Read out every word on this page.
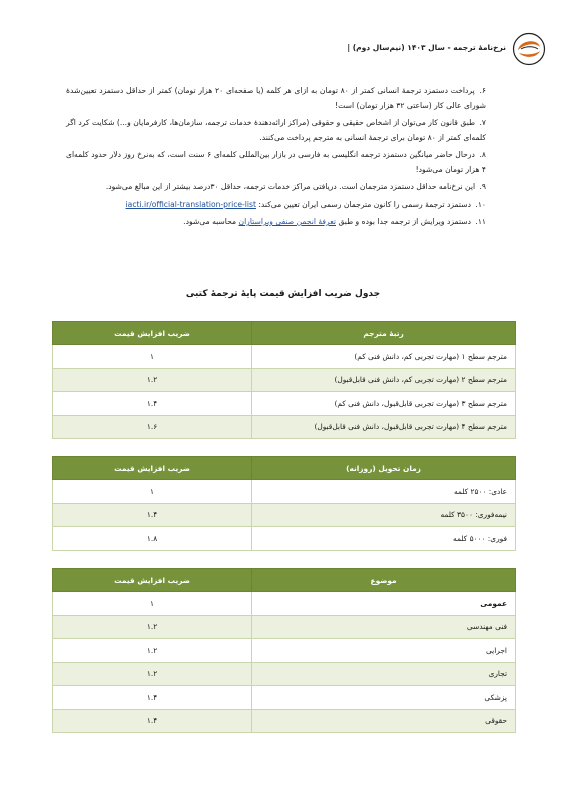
نرخ‌نامهٔ ترجمه - سال ۱۴۰۳ (نیم‌سال دوم) |

۶. پرداخت دستمزد ترجمهٔ انسانی کمتر از ۸۰ تومان به ازای هر کلمه (یا صفحه‌ای ۲۰ هزار تومان) کمتر از حداقل دستمزد تعیین‌شدهٔ شورای عالی کار (ساعتی ۳۲ هزار تومان) است!

۷. طبق قانون کار می‌توان از اشخاص حقیقی و حقوقی (مراکز ارائه‌دهندهٔ خدمات ترجمه، سازمان‌ها، کارفرمایان و...) شکایت کرد اگر کلمه‌ای کمتر از ۸۰ تومان برای ترجمهٔ انسانی به مترجم پرداخت می‌کنند.

۸. درحال حاضر میانگین دستمزد ترجمه انگلیسی به فارسی در بازار بین‌المللی کلمه‌ای ۶ سنت است، که به‌نرخ روز دلار حدود کلمه‌ای ۴ هزار تومان می‌شود!

۹. این نرخ‌نامه حداقل دستمزد مترجمان است. دریافتی مراکز خدمات ترجمه، حداقل ۳۰درصد بیشتر از این مبالغ می‌شود.

۱۰. دستمزد ترجمهٔ رسمی را کانون مترجمان رسمی ایران تعیین می‌کند: iacti.ir/official-translation-price-list

۱۱. دستمزد ویرایش از ترجمه جدا بوده و طبق تعرفهٔ انجمن صنفی ویراستاران محاسبه می‌شود.

جدول ضریب افزایش قیمت پایهٔ ترجمهٔ کتبی
رتبهٔ مترجم	ضریب افزایش قیمت
مترجم سطح ۱ (مهارت تجربی کم، دانش فنی کم)	۱
مترجم سطح ۲ (مهارت تجربی کم، دانش فنی قابل‌قبول)	۱.۲
مترجم سطح ۳ (مهارت تجربی قابل‌قبول، دانش فنی کم)	۱.۴
مترجم سطح ۴ (مهارت تجربی قابل‌قبول، دانش فنی قابل‌قبول)	۱.۶
زمان تحویل (روزانه)	ضریب افزایش قیمت
عادی: ۲۵۰۰ کلمه	۱
نیمه‌فوری: ۳۵۰۰ کلمه	۱.۴
فوری: ۵۰۰۰ کلمه	۱.۸
موضوع	ضریب افزایش قیمت
عمومی	۱
فنی مهندسی	۱.۲
اجرایی	۱.۲
تجاری	۱.۲
پزشکی	۱.۴
حقوقی	۱.۴
